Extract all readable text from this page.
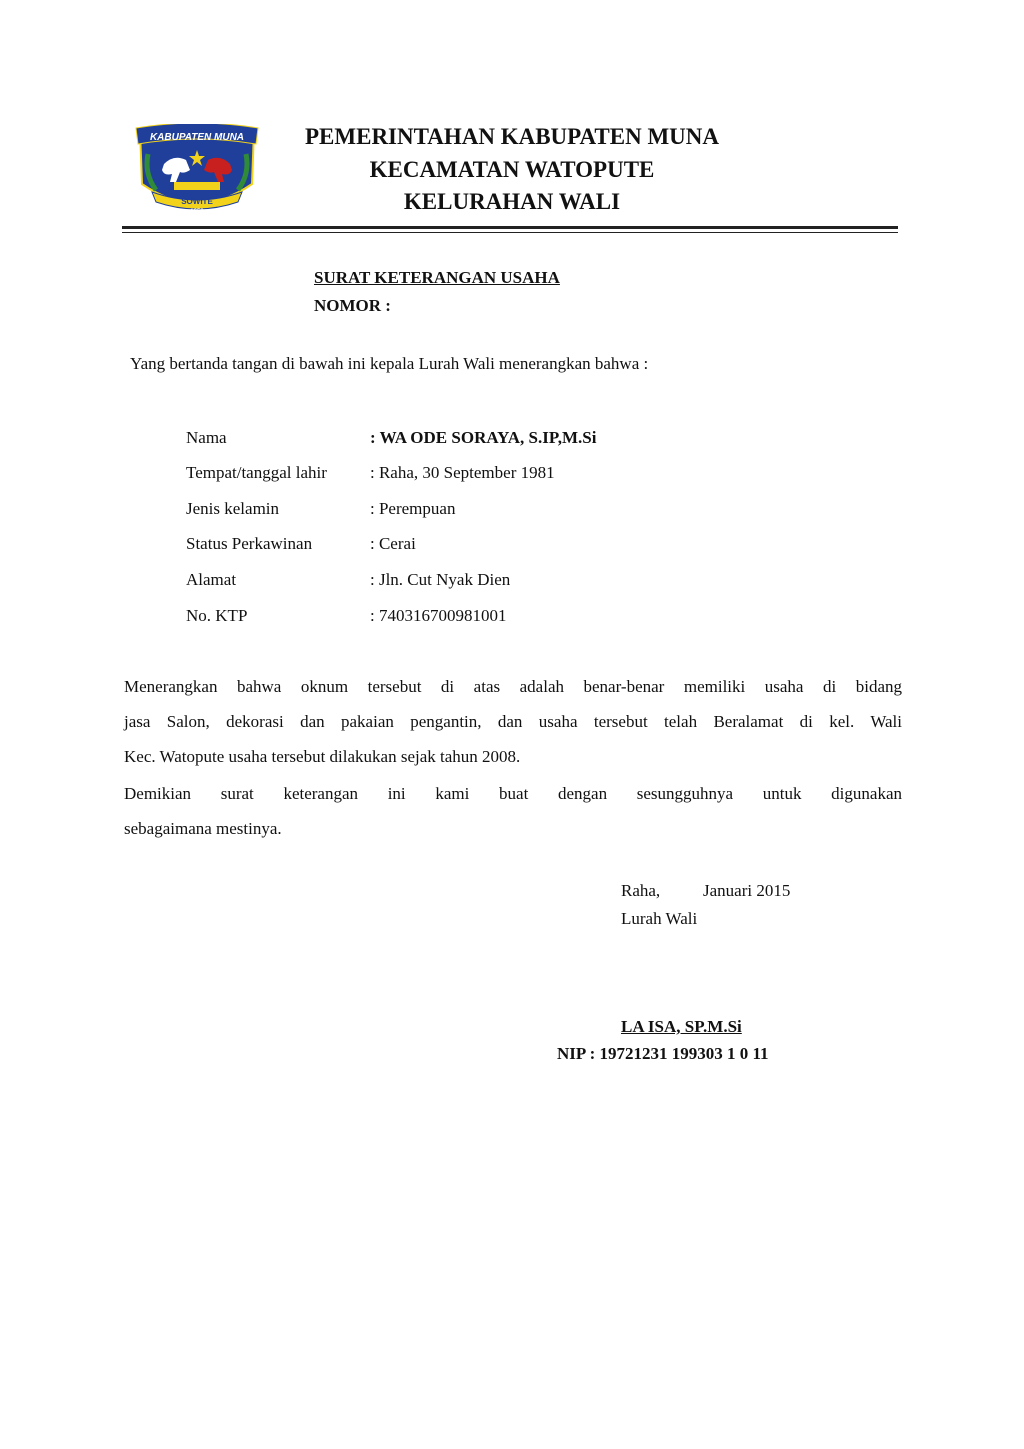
KABUPATEN MUNA
SOWITE
1959
PEMERINTAHAN KABUPATEN MUNA
KECAMATAN WATOPUTE
KELURAHAN WALI
SURAT KETERANGAN USAHA
NOMOR :
Yang bertanda tangan di bawah ini kepala Lurah Wali menerangkan bahwa :
Nama	: WA ODE SORAYA, S.IP,M.Si
Tempat/tanggal lahir	: Raha, 30 September 1981
Jenis kelamin	: Perempuan
Status Perkawinan	: Cerai
Alamat	: Jln. Cut Nyak Dien
No. KTP	: 740316700981001
Menerangkan bahwa oknum tersebut di atas adalah benar-benar memiliki usaha di bidang
jasa Salon, dekorasi dan pakaian pengantin, dan usaha tersebut telah Beralamat di kel. Wali
Kec. Watopute usaha tersebut dilakukan sejak tahun 2008.
Demikian surat keterangan ini kami buat dengan sesungguhnya untuk digunakan
sebagaimana mestinya.
Raha,	Januari 2015
Lurah Wali
LA ISA, SP.M.Si
NIP : 19721231 199303 1 0 11
